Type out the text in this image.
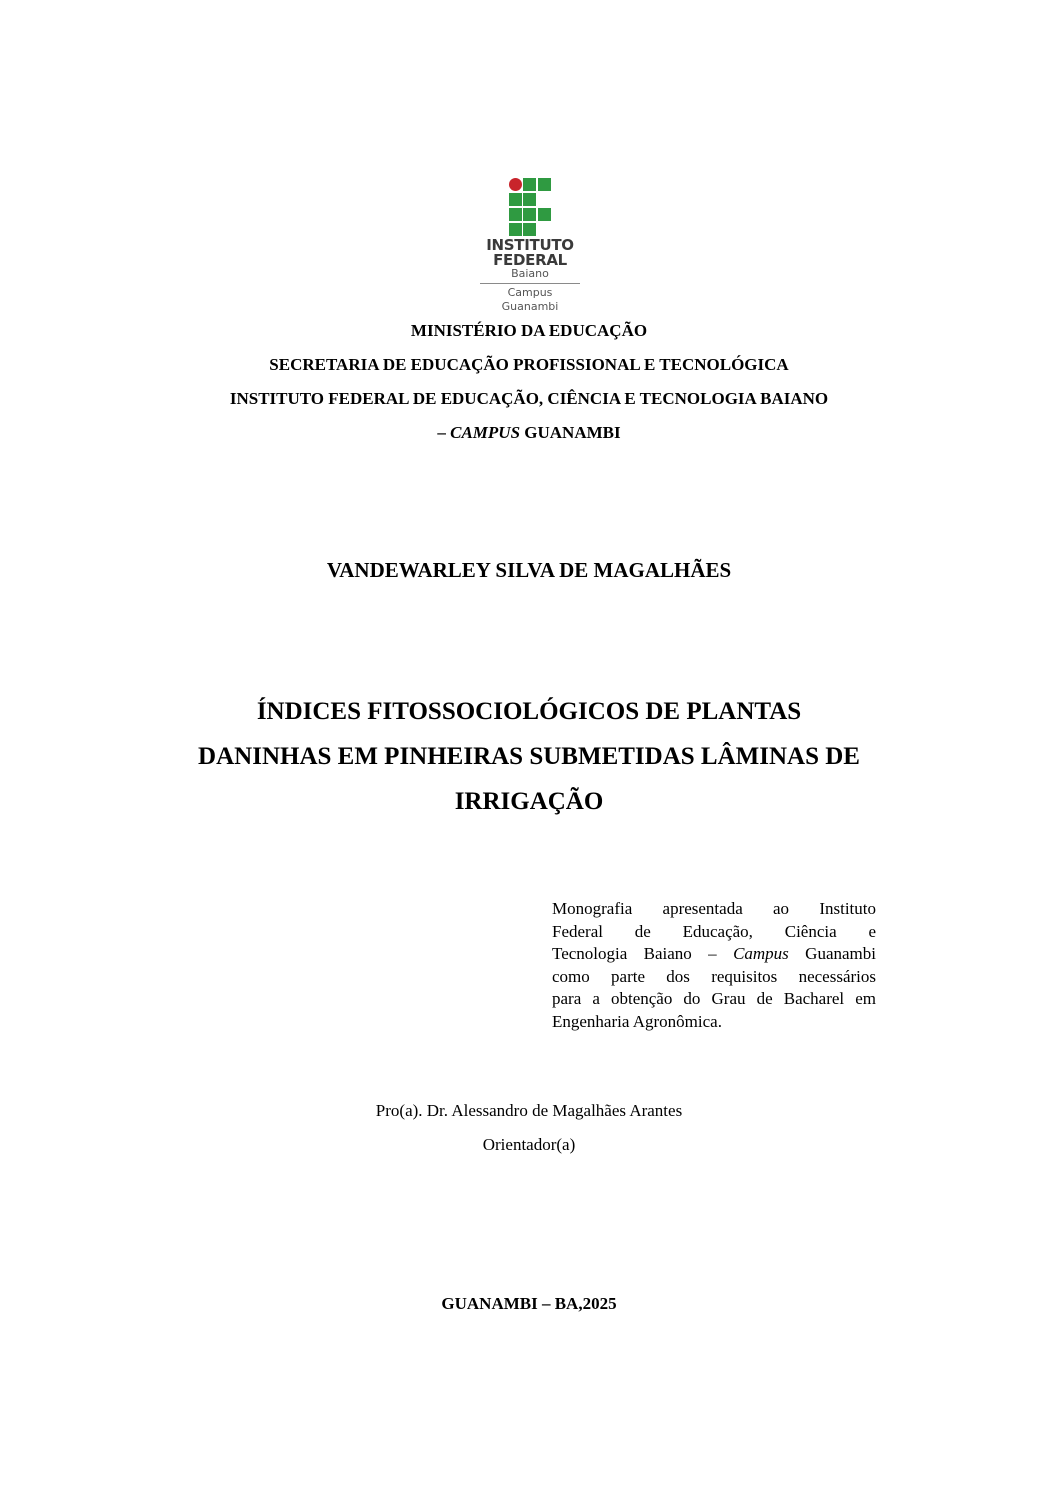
INSTITUTO
FEDERAL
Baiano
Campus
Guanambi
MINISTÉRIO DA EDUCAÇÃO
SECRETARIA DE EDUCAÇÃO PROFISSIONAL E TECNOLÓGICA
INSTITUTO FEDERAL DE EDUCAÇÃO, CIÊNCIA E TECNOLOGIA BAIANO
– CAMPUS GUANAMBI
VANDEWARLEY SILVA DE MAGALHÃES
ÍNDICES FITOSSOCIOLÓGICOS DE PLANTAS
DANINHAS EM PINHEIRAS SUBMETIDAS LÂMINAS DE
IRRIGAÇÃO
Monografia apresentada ao Instituto
Federal de Educação, Ciência e
Tecnologia Baiano – Campus Guanambi
como parte dos requisitos necessários
para a obtenção do Grau de Bacharel em
Engenharia Agronômica.
Pro(a). Dr. Alessandro de Magalhães Arantes
Orientador(a)
GUANAMBI – BA,2025
